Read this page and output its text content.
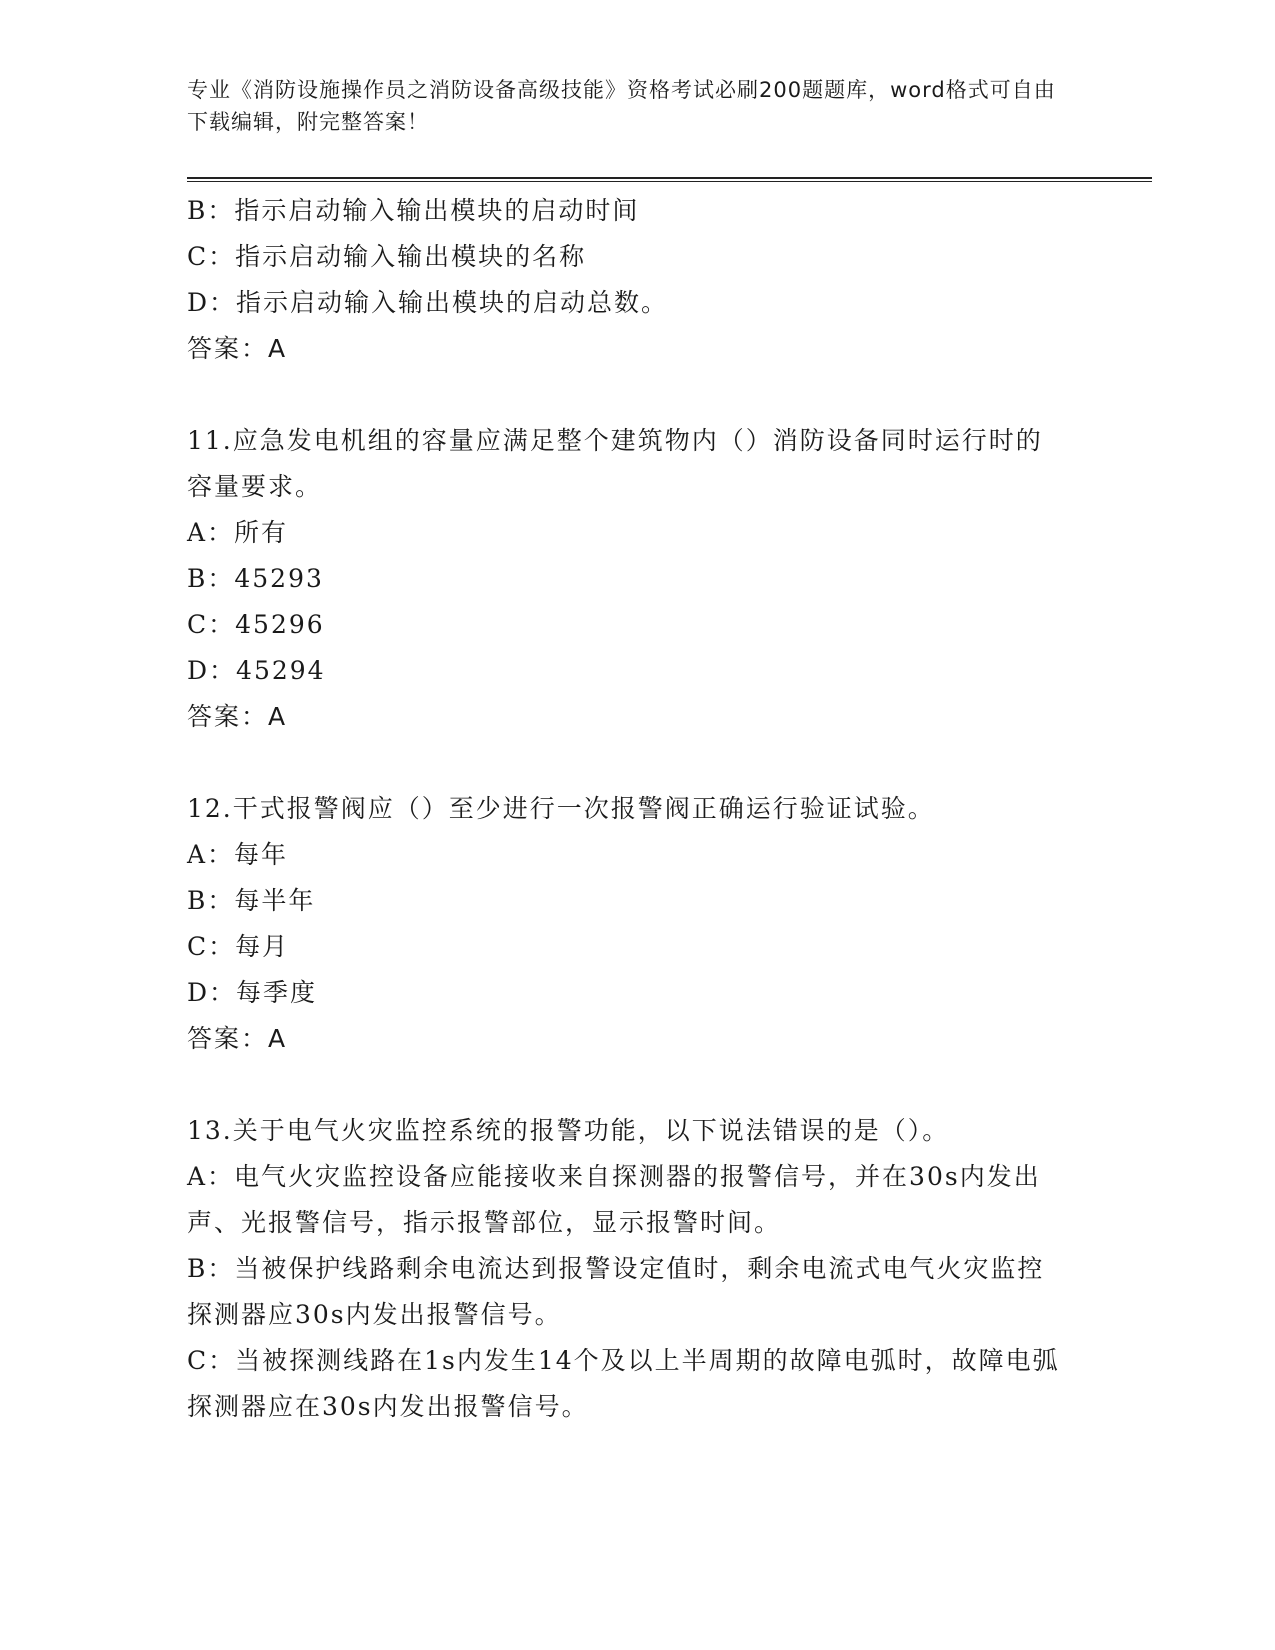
专业《消防设施操作员之消防设备高级技能》资格考试必刷200题题库，word格式可自由下载编辑，附完整答案！
B：指示启动输入输出模块的启动时间
C：指示启动输入输出模块的名称
D：指示启动输入输出模块的启动总数。
答案：A
11.应急发电机组的容量应满足整个建筑物内（）消防设备同时运行时的容量要求。
A：所有
B：45293
C：45296
D：45294
答案：A
12.干式报警阀应（）至少进行一次报警阀正确运行验证试验。
A：每年
B：每半年
C：每月
D：每季度
答案：A
13.关于电气火灾监控系统的报警功能，以下说法错误的是（）。
A：电气火灾监控设备应能接收来自探测器的报警信号，并在30s内发出声、光报警信号，指示报警部位，显示报警时间。
B：当被保护线路剩余电流达到报警设定值时，剩余电流式电气火灾监控探测器应30s内发出报警信号。
C：当被探测线路在1s内发生14个及以上半周期的故障电弧时，故障电弧探测器应在30s内发出报警信号。
